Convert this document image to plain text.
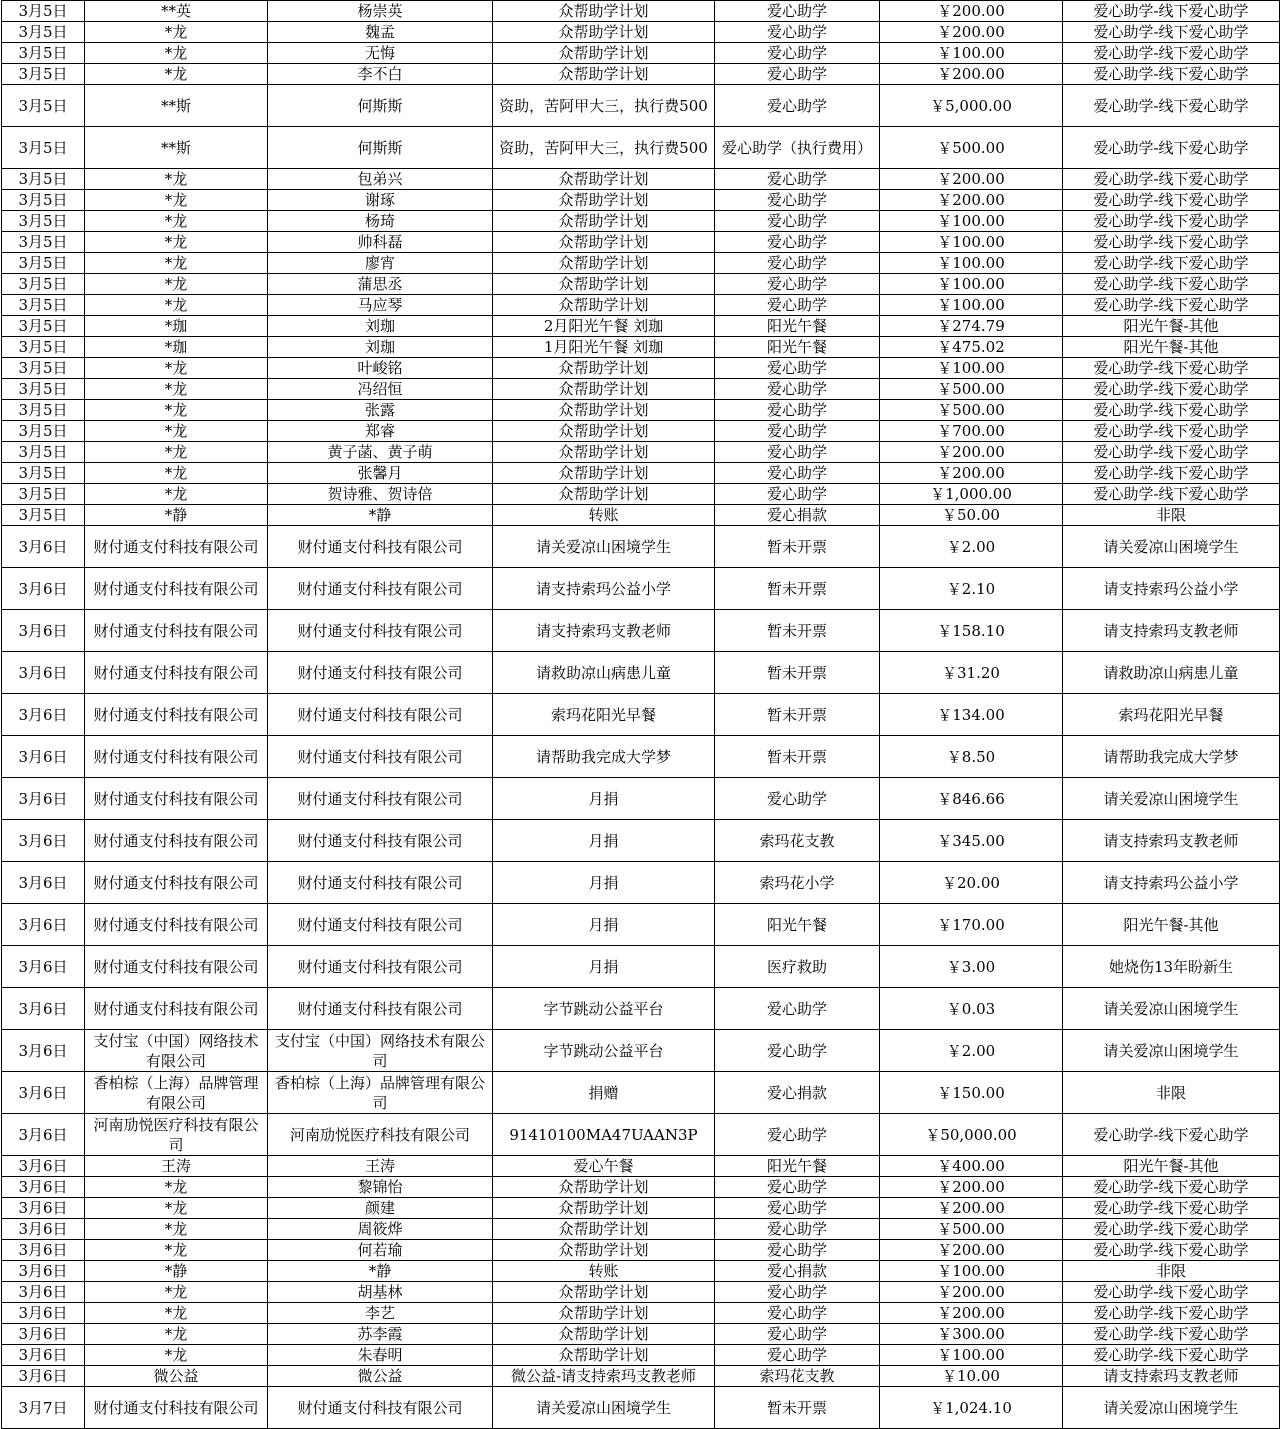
3月5日	**英	杨崇英	众帮助学计划	爱心助学	￥200.00	爱心助学-线下爱心助学
3月5日	*龙	魏孟	众帮助学计划	爱心助学	￥200.00	爱心助学-线下爱心助学
3月5日	*龙	无悔	众帮助学计划	爱心助学	￥100.00	爱心助学-线下爱心助学
3月5日	*龙	李不白	众帮助学计划	爱心助学	￥200.00	爱心助学-线下爱心助学
3月5日	**斯	何斯斯	资助，苦阿甲大三，执行费500	爱心助学	￥5,000.00	爱心助学-线下爱心助学
3月5日	**斯	何斯斯	资助，苦阿甲大三，执行费500	爱心助学（执行费用）	￥500.00	爱心助学-线下爱心助学
3月5日	*龙	包弟兴	众帮助学计划	爱心助学	￥200.00	爱心助学-线下爱心助学
3月5日	*龙	谢琢	众帮助学计划	爱心助学	￥200.00	爱心助学-线下爱心助学
3月5日	*龙	杨琦	众帮助学计划	爱心助学	￥100.00	爱心助学-线下爱心助学
3月5日	*龙	帅科磊	众帮助学计划	爱心助学	￥100.00	爱心助学-线下爱心助学
3月5日	*龙	廖宵	众帮助学计划	爱心助学	￥100.00	爱心助学-线下爱心助学
3月5日	*龙	蒲思丞	众帮助学计划	爱心助学	￥100.00	爱心助学-线下爱心助学
3月5日	*龙	马应琴	众帮助学计划	爱心助学	￥100.00	爱心助学-线下爱心助学
3月5日	*珈	刘珈	2月阳光午餐 刘珈	阳光午餐	￥274.79	阳光午餐-其他
3月5日	*珈	刘珈	1月阳光午餐 刘珈	阳光午餐	￥475.02	阳光午餐-其他
3月5日	*龙	叶峻铭	众帮助学计划	爱心助学	￥100.00	爱心助学-线下爱心助学
3月5日	*龙	冯绍恒	众帮助学计划	爱心助学	￥500.00	爱心助学-线下爱心助学
3月5日	*龙	张露	众帮助学计划	爱心助学	￥500.00	爱心助学-线下爱心助学
3月5日	*龙	郑睿	众帮助学计划	爱心助学	￥700.00	爱心助学-线下爱心助学
3月5日	*龙	黄子菡、黄子萌	众帮助学计划	爱心助学	￥200.00	爱心助学-线下爱心助学
3月5日	*龙	张馨月	众帮助学计划	爱心助学	￥200.00	爱心助学-线下爱心助学
3月5日	*龙	贺诗雅、贺诗倍	众帮助学计划	爱心助学	￥1,000.00	爱心助学-线下爱心助学
3月5日	*静	*静	转账	爱心捐款	￥50.00	非限
3月6日	财付通支付科技有限公司	财付通支付科技有限公司	请关爱凉山困境学生	暂未开票	￥2.00	请关爱凉山困境学生
3月6日	财付通支付科技有限公司	财付通支付科技有限公司	请支持索玛公益小学	暂未开票	￥2.10	请支持索玛公益小学
3月6日	财付通支付科技有限公司	财付通支付科技有限公司	请支持索玛支教老师	暂未开票	￥158.10	请支持索玛支教老师
3月6日	财付通支付科技有限公司	财付通支付科技有限公司	请救助凉山病患儿童	暂未开票	￥31.20	请救助凉山病患儿童
3月6日	财付通支付科技有限公司	财付通支付科技有限公司	索玛花阳光早餐	暂未开票	￥134.00	索玛花阳光早餐
3月6日	财付通支付科技有限公司	财付通支付科技有限公司	请帮助我完成大学梦	暂未开票	￥8.50	请帮助我完成大学梦
3月6日	财付通支付科技有限公司	财付通支付科技有限公司	月捐	爱心助学	￥846.66	请关爱凉山困境学生
3月6日	财付通支付科技有限公司	财付通支付科技有限公司	月捐	索玛花支教	￥345.00	请支持索玛支教老师
3月6日	财付通支付科技有限公司	财付通支付科技有限公司	月捐	索玛花小学	￥20.00	请支持索玛公益小学
3月6日	财付通支付科技有限公司	财付通支付科技有限公司	月捐	阳光午餐	￥170.00	阳光午餐-其他
3月6日	财付通支付科技有限公司	财付通支付科技有限公司	月捐	医疗救助	￥3.00	她烧伤13年盼新生
3月6日	财付通支付科技有限公司	财付通支付科技有限公司	字节跳动公益平台	爱心助学	￥0.03	请关爱凉山困境学生
3月6日	支付宝（中国）网络技术有限公司	支付宝（中国）网络技术有限公司	字节跳动公益平台	爱心助学	￥2.00	请关爱凉山困境学生
3月6日	香柏棕（上海）品牌管理有限公司	香柏棕（上海）品牌管理有限公司	捐赠	爱心捐款	￥150.00	非限
3月6日	河南劢悦医疗科技有限公司	河南劢悦医疗科技有限公司	91410100MA47UAAN3P	爱心助学	￥50,000.00	爱心助学-线下爱心助学
3月6日	王涛	王涛	爱心午餐	阳光午餐	￥400.00	阳光午餐-其他
3月6日	*龙	黎锦怡	众帮助学计划	爱心助学	￥200.00	爱心助学-线下爱心助学
3月6日	*龙	颜建	众帮助学计划	爱心助学	￥200.00	爱心助学-线下爱心助学
3月6日	*龙	周筱烨	众帮助学计划	爱心助学	￥500.00	爱心助学-线下爱心助学
3月6日	*龙	何若瑜	众帮助学计划	爱心助学	￥200.00	爱心助学-线下爱心助学
3月6日	*静	*静	转账	爱心捐款	￥100.00	非限
3月6日	*龙	胡基林	众帮助学计划	爱心助学	￥200.00	爱心助学-线下爱心助学
3月6日	*龙	李艺	众帮助学计划	爱心助学	￥200.00	爱心助学-线下爱心助学
3月6日	*龙	苏李霞	众帮助学计划	爱心助学	￥300.00	爱心助学-线下爱心助学
3月6日	*龙	朱春明	众帮助学计划	爱心助学	￥100.00	爱心助学-线下爱心助学
3月6日	微公益	微公益	微公益-请支持索玛支教老师	索玛花支教	￥10.00	请支持索玛支教老师
3月7日	财付通支付科技有限公司	财付通支付科技有限公司	请关爱凉山困境学生	暂未开票	￥1,024.10	请关爱凉山困境学生
